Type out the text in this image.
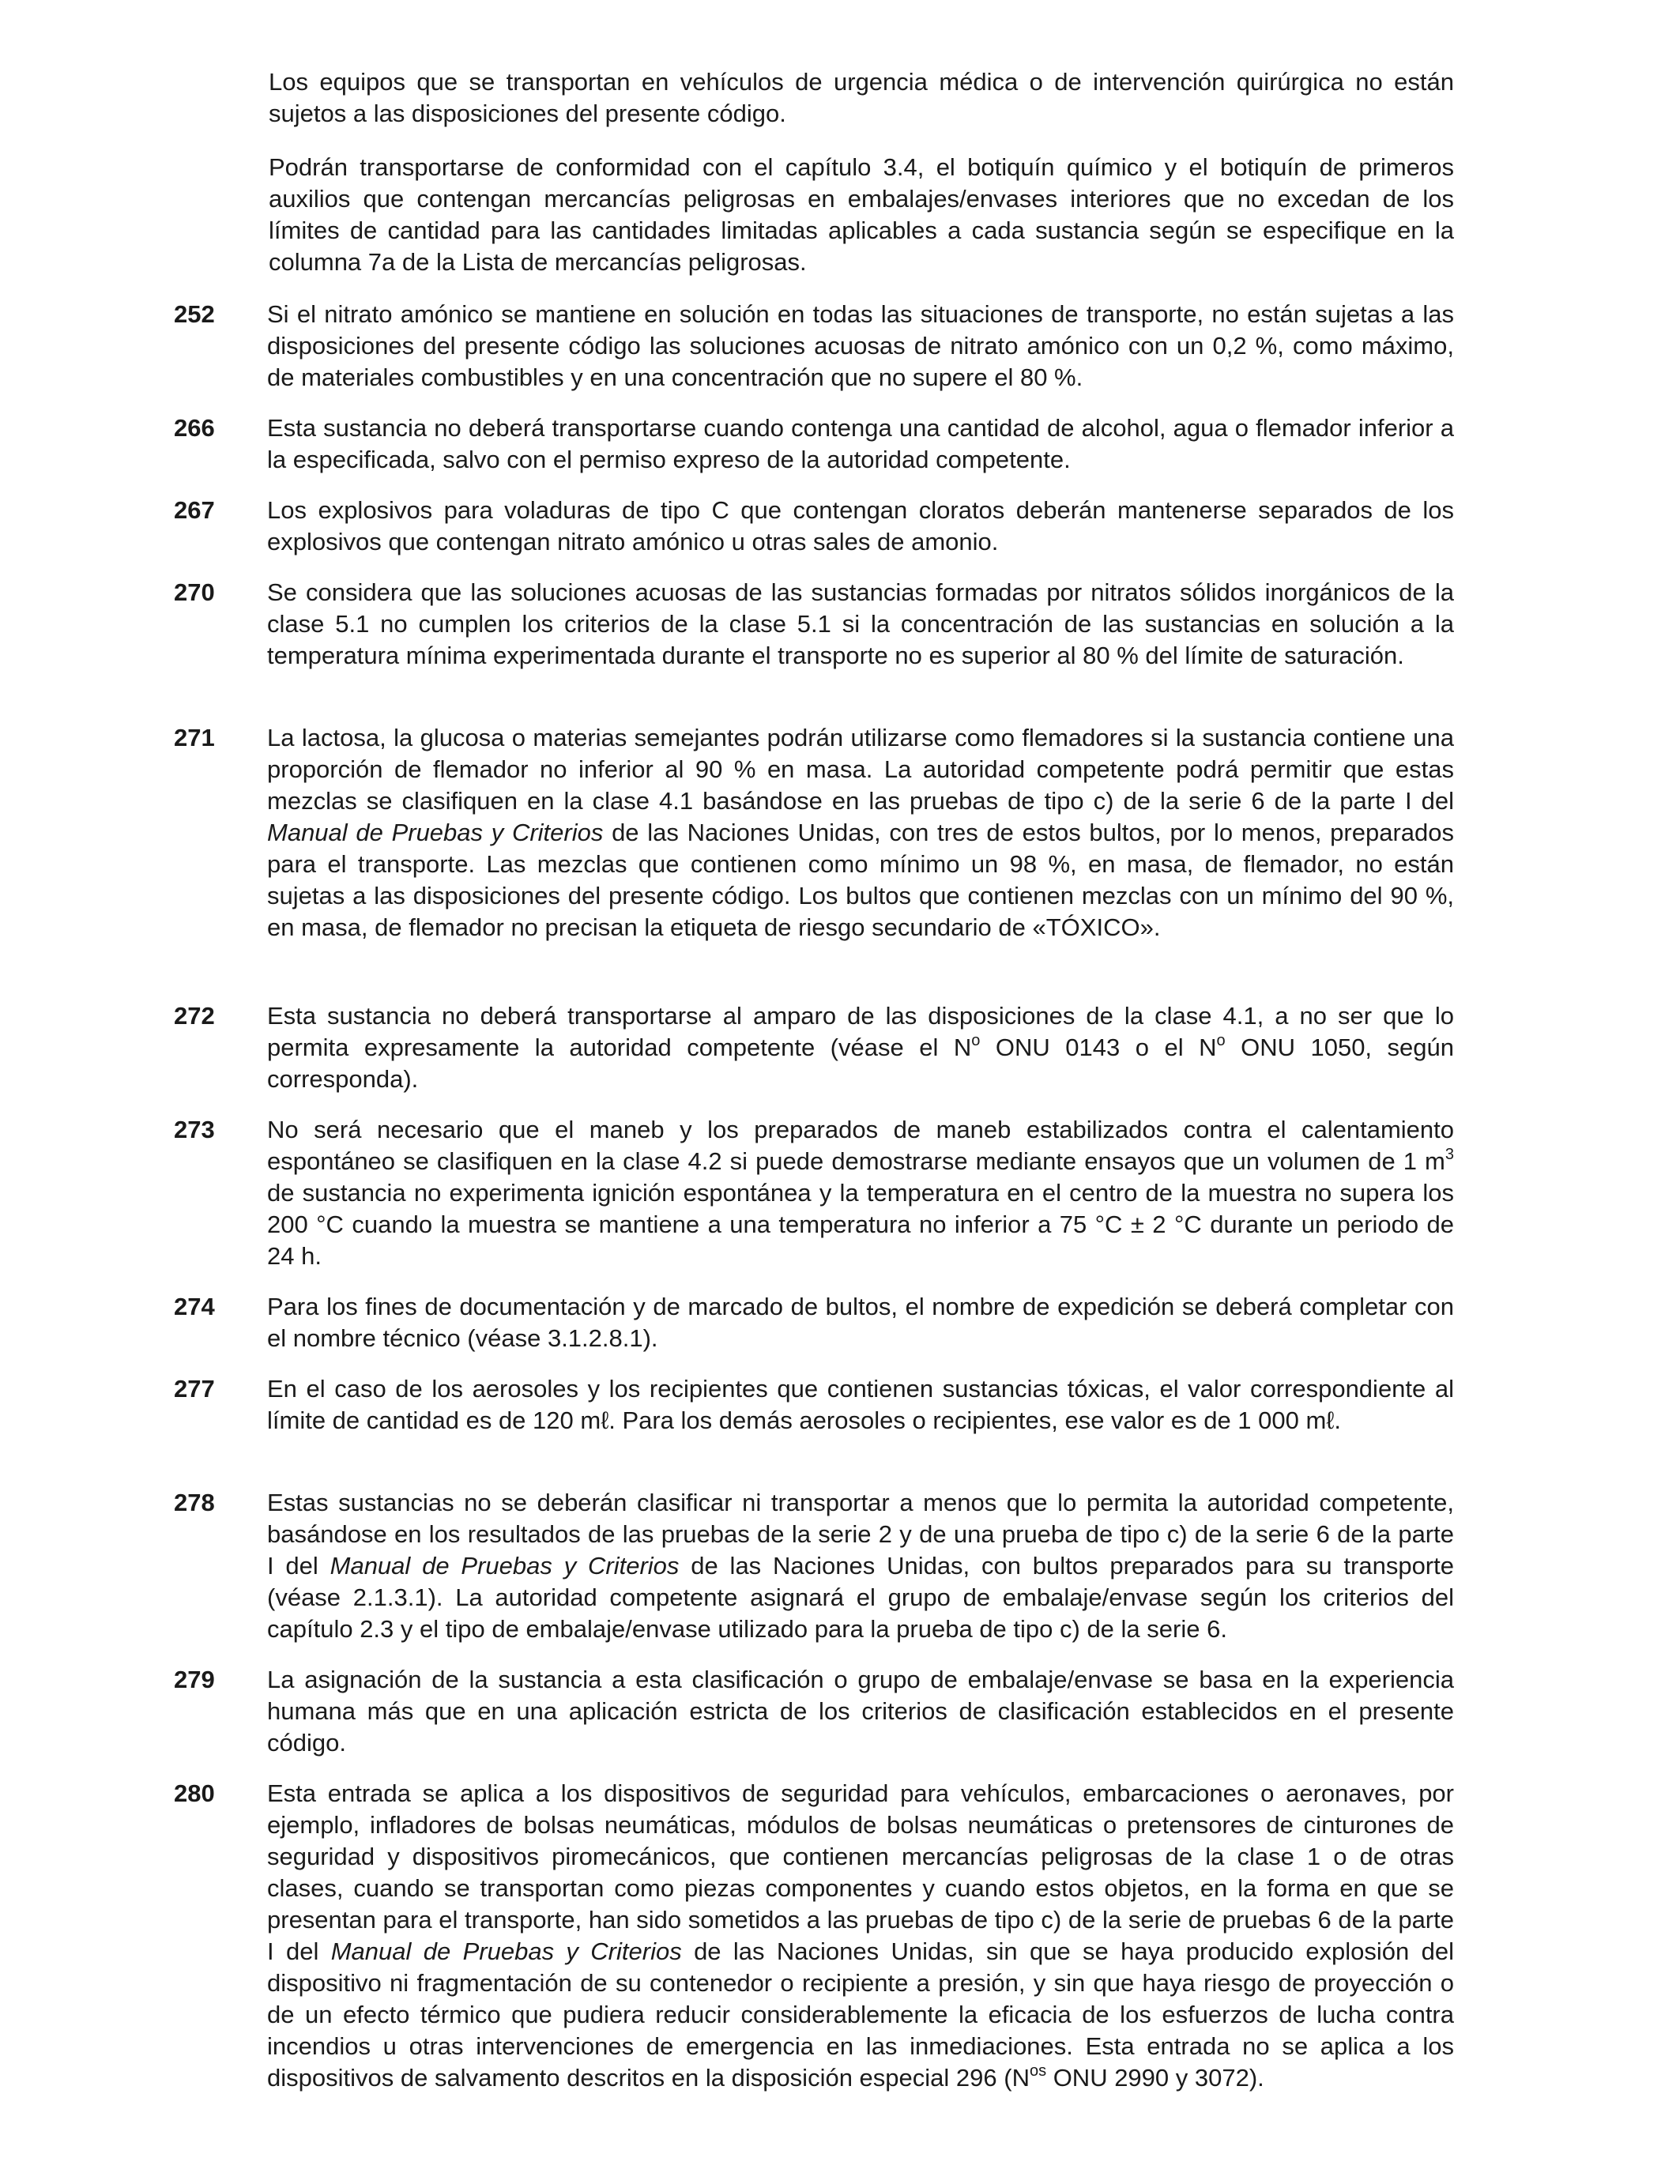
Los equipos que se transportan en vehículos de urgencia médica o de intervención quirúrgica no están sujetos a las disposiciones del presente código.

Podrán transportarse de conformidad con el capítulo 3.4, el botiquín químico y el botiquín de primeros auxilios que contengan mercancías peligrosas en embalajes/envases interiores que no excedan de los límites de cantidad para las cantidades limitadas aplicables a cada sustancia según se especifique en la columna 7a de la Lista de mercancías peligrosas.

252	Si el nitrato amónico se mantiene en solución en todas las situaciones de transporte, no están sujetas a las disposiciones del presente código las soluciones acuosas de nitrato amónico con un 0,2 %, como máximo, de materiales combustibles y en una concentración que no supere el 80 %.

266	Esta sustancia no deberá transportarse cuando contenga una cantidad de alcohol, agua o flemador inferior a la especificada, salvo con el permiso expreso de la autoridad competente.

267	Los explosivos para voladuras de tipo C que contengan cloratos deberán mantenerse separados de los explosivos que contengan nitrato amónico u otras sales de amonio.

270	Se considera que las soluciones acuosas de las sustancias formadas por nitratos sólidos inorgánicos de la clase 5.1 no cumplen los criterios de la clase 5.1 si la concentración de las sustancias en solución a la temperatura mínima experimentada durante el transporte no es superior al 80 % del límite de saturación.

271	La lactosa, la glucosa o materias semejantes podrán utilizarse como flemadores si la sustancia contiene una proporción de flemador no inferior al 90 % en masa. La autoridad competente podrá permitir que estas mezclas se clasifiquen en la clase 4.1 basándose en las pruebas de tipo c) de la serie 6 de la parte I del Manual de Pruebas y Criterios de las Naciones Unidas, con tres de estos bultos, por lo menos, preparados para el transporte. Las mezclas que contienen como mínimo un 98 %, en masa, de flemador, no están sujetas a las disposiciones del presente código. Los bultos que contienen mezclas con un mínimo del 90 %, en masa, de flemador no precisan la etiqueta de riesgo secundario de «TÓXICO».

272	Esta sustancia no deberá transportarse al amparo de las disposiciones de la clase 4.1, a no ser que lo permita expresamente la autoridad competente (véase el $N^o$ ONU 0143 o el $N^o$ ONU 1050, según corresponda).

273	No será necesario que el maneb y los preparados de maneb estabilizados contra el calentamiento espontáneo se clasifiquen en la clase 4.2 si puede demostrarse mediante ensayos que un volumen de 1 $m^3$ de sustancia no experimenta ignición espontánea y la temperatura en el centro de la muestra no supera los 200 °C cuando la muestra se mantiene a una temperatura no inferior a 75 °C ± 2 °C durante un periodo de 24 h.

274	Para los fines de documentación y de marcado de bultos, el nombre de expedición se deberá completar con el nombre técnico (véase 3.1.2.8.1).

277	En el caso de los aerosoles y los recipientes que contienen sustancias tóxicas, el valor correspondiente al límite de cantidad es de 120 mℓ. Para los demás aerosoles o recipientes, ese valor es de 1 000 mℓ.

278	Estas sustancias no se deberán clasificar ni transportar a menos que lo permita la autoridad competente, basándose en los resultados de las pruebas de la serie 2 y de una prueba de tipo c) de la serie 6 de la parte I del Manual de Pruebas y Criterios de las Naciones Unidas, con bultos preparados para su transporte (véase 2.1.3.1). La autoridad competente asignará el grupo de embalaje/envase según los criterios del capítulo 2.3 y el tipo de embalaje/envase utilizado para la prueba de tipo c) de la serie 6.

279	La asignación de la sustancia a esta clasificación o grupo de embalaje/envase se basa en la experiencia humana más que en una aplicación estricta de los criterios de clasificación establecidos en el presente código.

280	Esta entrada se aplica a los dispositivos de seguridad para vehículos, embarcaciones o aeronaves, por ejemplo, infladores de bolsas neumáticas, módulos de bolsas neumáticas o pretensores de cinturones de seguridad y dispositivos piromecánicos, que contienen mercancías peligrosas de la clase 1 o de otras clases, cuando se transportan como piezas componentes y cuando estos objetos, en la forma en que se presentan para el transporte, han sido sometidos a las pruebas de tipo c) de la serie de pruebas 6 de la parte I del Manual de Pruebas y Criterios de las Naciones Unidas, sin que se haya producido explosión del dispositivo ni fragmentación de su contenedor o recipiente a presión, y sin que haya riesgo de proyección o de un efecto térmico que pudiera reducir considerablemente la eficacia de los esfuerzos de lucha contra incendios u otras intervenciones de emergencia en las inmediaciones. Esta entrada no se aplica a los dispositivos de salvamento descritos en la disposición especial 296 ($N^{os}$ ONU 2990 y 3072).
